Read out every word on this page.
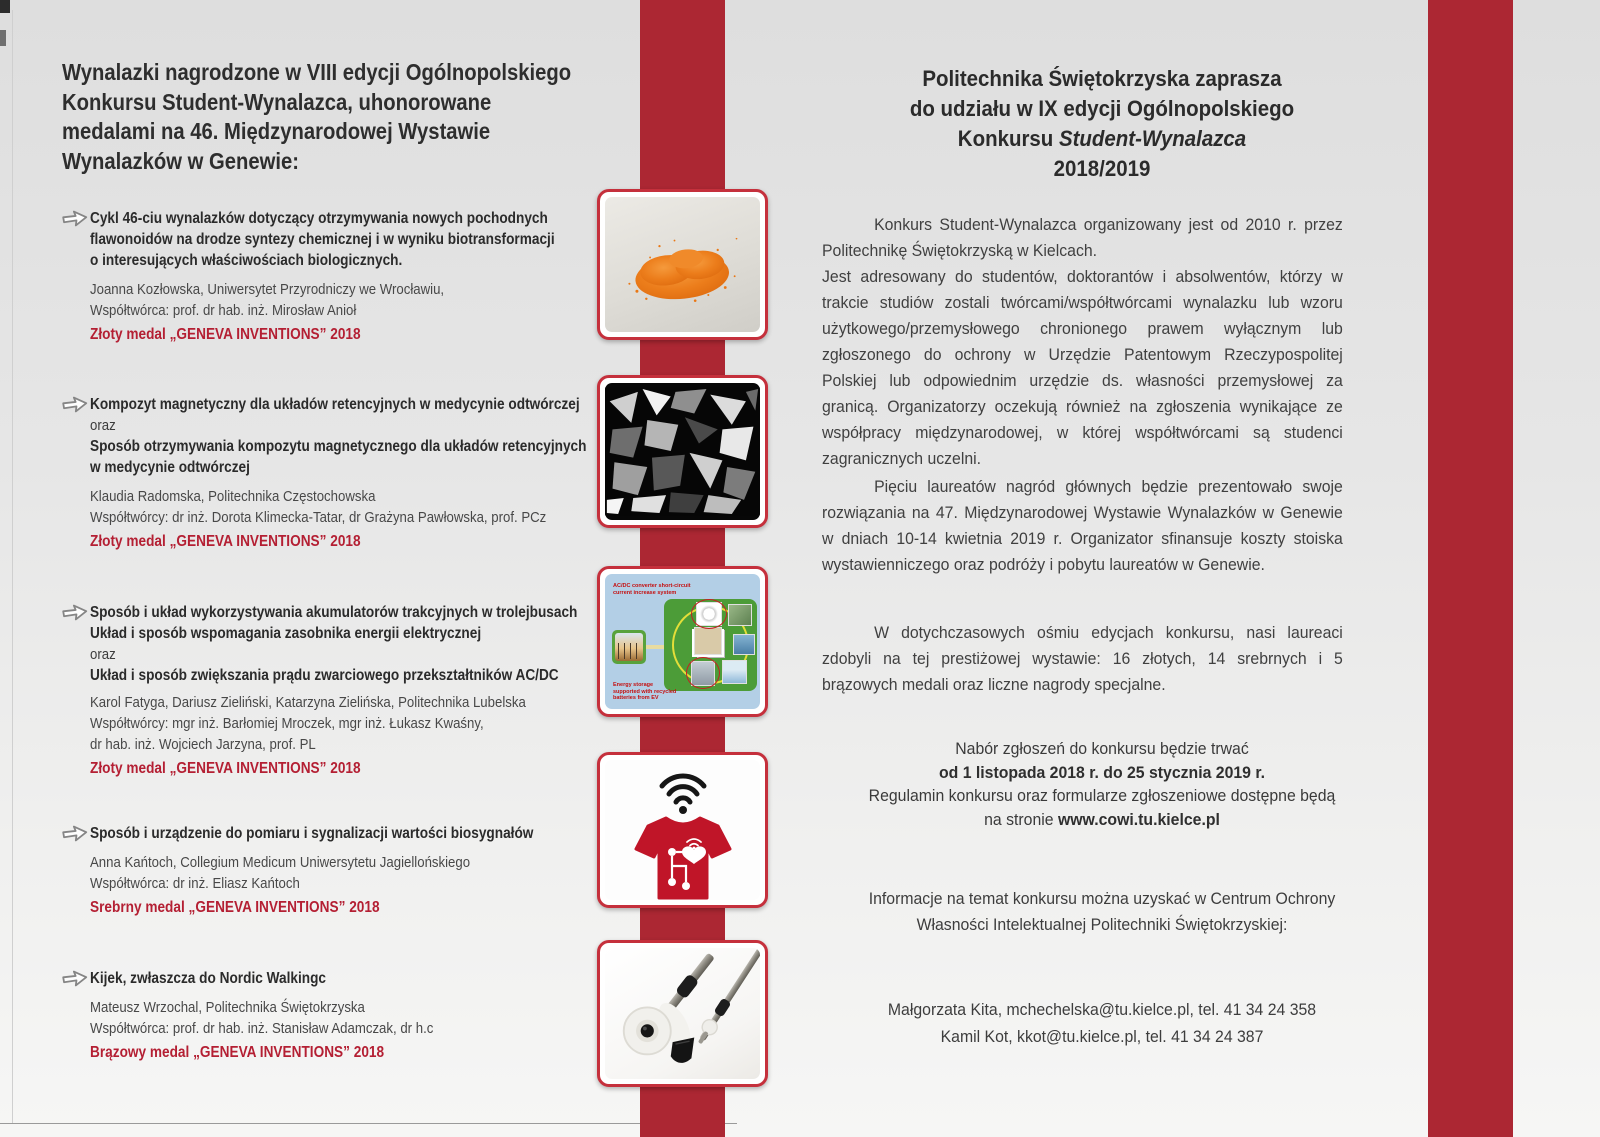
Wynalazki nagrodzone w VIII edycji Ogólnopolskiego
Konkursu Student-Wynalazca, uhonorowane
medalami na 46. Międzynarodowej Wystawie
Wynalazków w Genewie:
Cykl 46-ciu wynalazków dotyczący otrzymywania nowych pochodnych
flawonoidów na drodze syntezy chemicznej i w wyniku biotransformacji
o interesujących właściwościach biologicznych.
Joanna Kozłowska, Uniwersytet Przyrodniczy we Wrocławiu,
Współtwórca: prof. dr hab. inż. Mirosław Anioł
Złoty medal „GENEVA INVENTIONS” 2018
Kompozyt magnetyczny dla układów retencyjnych w medycynie odtwórczej
oraz
Sposób otrzymywania kompozytu magnetycznego dla układów retencyjnych
w medycynie odtwórczej
Klaudia Radomska, Politechnika Częstochowska
Współtwórcy: dr inż. Dorota Klimecka-Tatar, dr Grażyna Pawłowska, prof. PCz
Złoty medal „GENEVA INVENTIONS” 2018
Sposób i układ wykorzystywania akumulatorów trakcyjnych w trolejbusach
Układ i sposób wspomagania zasobnika energii elektrycznej
oraz
Układ i sposób zwiększania prądu zwarciowego przekształtników AC/DC
Karol Fatyga, Dariusz Zieliński, Katarzyna Zielińska, Politechnika Lubelska
Współtwórcy: mgr inż. Barłomiej Mroczek, mgr inż. Łukasz Kwaśny,
dr hab. inż. Wojciech Jarzyna, prof. PL
Złoty medal „GENEVA INVENTIONS” 2018
Sposób i urządzenie do pomiaru i sygnalizacji wartości biosygnałów
Anna Kańtoch, Collegium Medicum Uniwersytetu Jagiellońskiego
Współtwórca: dr inż. Eliasz Kańtoch
Srebrny medal „GENEVA INVENTIONS” 2018
Kijek, zwłaszcza do Nordic Walkingc
Mateusz Wrzochal, Politechnika Świętokrzyska
Współtwórca: prof. dr hab. inż. Stanisław Adamczak, dr h.c
Brązowy medal „GENEVA INVENTIONS” 2018
AC/DC converter short-circuit current increase system
Energy storage supported with recycled batteries from EV
Politechnika Świętokrzyska zaprasza
do udziału w IX edycji Ogólnopolskiego
Konkursu Student-Wynalazca
2018/2019

Konkurs Student-Wynalazca organizowany jest od 2010 r. przez Politechnikę Świętokrzyską w Kielcach.

Jest adresowany do studentów, doktorantów i absolwentów, którzy w trakcie studiów zostali twórcami/współtwórcami wynalazku lub wzoru użytkowego/przemysłowego chronionego prawem wyłącznym lub zgłoszonego do ochrony w Urzędzie Patentowym Rzeczypospolitej Polskiej lub odpowiednim urzędzie ds. własności przemysłowej za granicą. Organizatorzy oczekują również na zgłoszenia wynikające ze współpracy międzynarodowej, w której współtwórcami są studenci zagranicznych uczelni.

Pięciu laureatów nagród głównych będzie prezentowało swoje rozwiązania na 47. Międzynarodowej Wystawie Wynalazków w Genewie w dniach 10-14 kwietnia 2019 r. Organizator sfinansuje koszty stoiska wystawienniczego oraz podróży i pobytu laureatów w Genewie.

W dotychczasowych ośmiu edycjach konkursu, nasi laureaci zdobyli na tej prestiżowej wystawie: 16 złotych, 14 srebrnych i 5 brązowych medali oraz liczne nagrody specjalne.

Nabór zgłoszeń do konkursu będzie trwać
od 1 listopada 2018 r. do 25 stycznia 2019 r.
Regulamin konkursu oraz formularze zgłoszeniowe dostępne będą
na stronie www.cowi.tu.kielce.pl
Informacje na temat konkursu można uzyskać w Centrum Ochrony
Własności Intelektualnej Politechniki Świętokrzyskiej:
Małgorzata Kita, mchechelska@tu.kielce.pl, tel. 41 34 24 358
Kamil Kot, kkot@tu.kielce.pl, tel. 41 34 24 387
